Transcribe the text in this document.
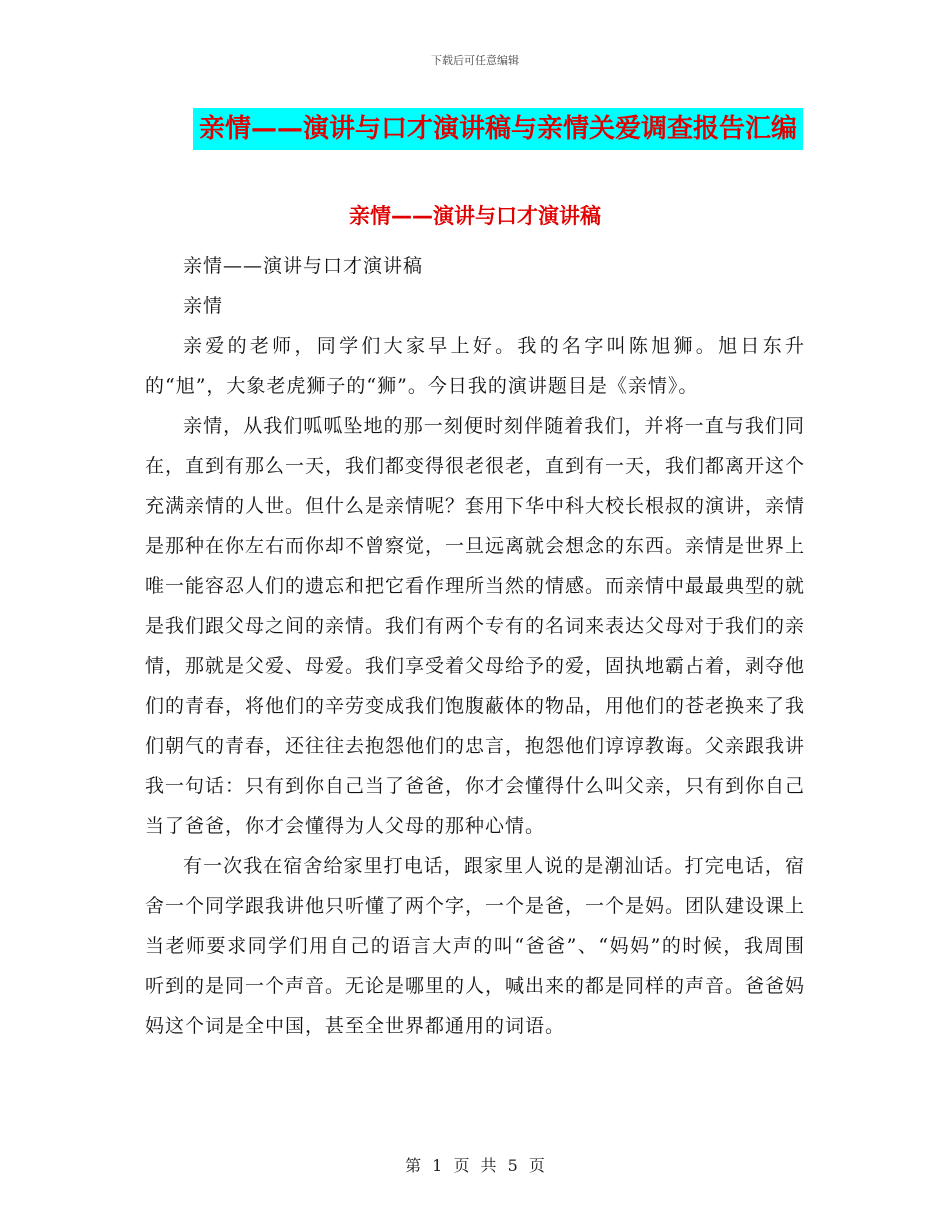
下载后可任意编辑
亲情——演讲与口才演讲稿与亲情关爱调查报告汇编
亲情——演讲与口才演讲稿

亲情——演讲与口才演讲稿

亲情

亲爱的老师，同学们大家早上好。我的名字叫陈旭狮。旭日东升的“旭”，大象老虎狮子的“狮”。今日我的演讲题目是《亲情》。

亲情，从我们呱呱坠地的那一刻便时刻伴随着我们，并将一直与我们同在，直到有那么一天，我们都变得很老很老，直到有一天，我们都离开这个充满亲情的人世。但什么是亲情呢？套用下华中科大校长根叔的演讲，亲情是那种在你左右而你却不曾察觉，一旦远离就会想念的东西。亲情是世界上唯一能容忍人们的遗忘和把它看作理所当然的情感。而亲情中最最典型的就是我们跟父母之间的亲情。我们有两个专有的名词来表达父母对于我们的亲情，那就是父爱、母爱。我们享受着父母给予的爱，固执地霸占着，剥夺他们的青春，将他们的辛劳变成我们饱腹蔽体的物品，用他们的苍老换来了我们朝气的青春，还往往去抱怨他们的忠言，抱怨他们谆谆教诲。父亲跟我讲我一句话：只有到你自己当了爸爸，你才会懂得什么叫父亲，只有到你自己当了爸爸，你才会懂得为人父母的那种心情。

有一次我在宿舍给家里打电话，跟家里人说的是潮汕话。打完电话，宿舍一个同学跟我讲他只听懂了两个字，一个是爸，一个是妈。团队建设课上当老师要求同学们用自己的语言大声的叫“爸爸”、“妈妈”的时候，我周围听到的是同一个声音。无论是哪里的人，喊出来的都是同样的声音。爸爸妈妈这个词是全中国，甚至全世界都通用的词语。

第 1 页 共 5 页
